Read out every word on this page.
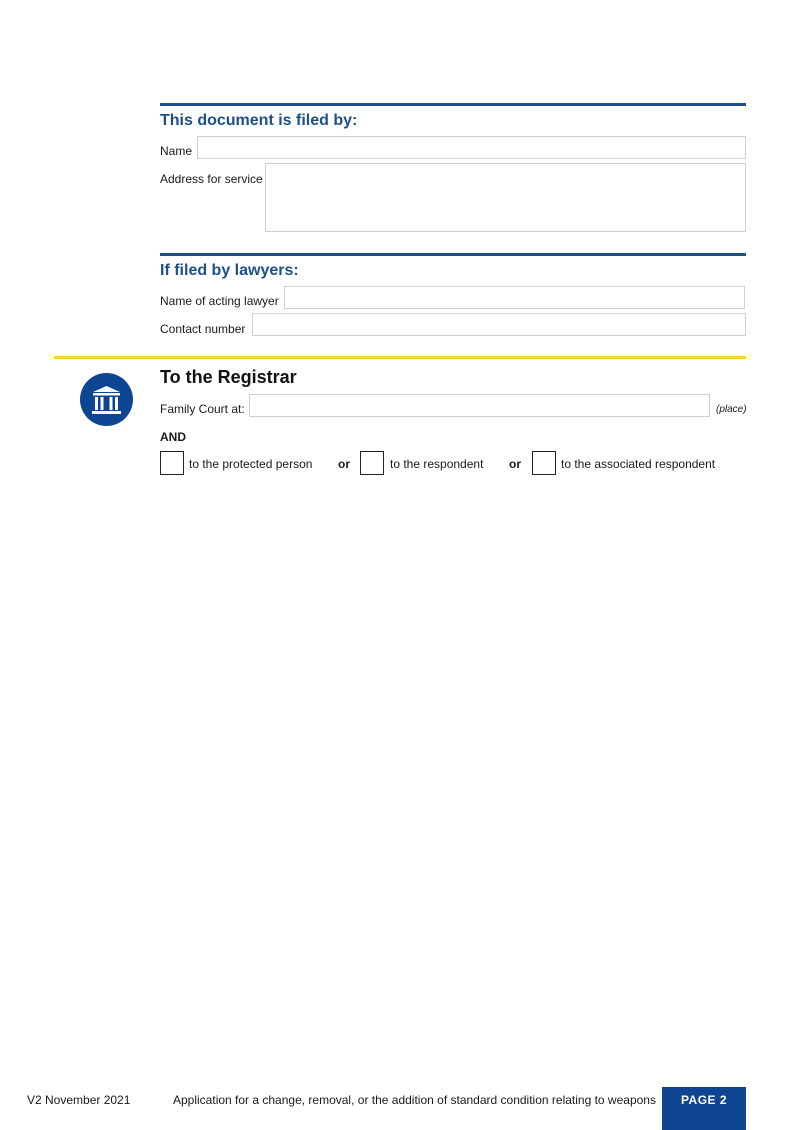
This document is filed by:
Name
Address for service
If filed by lawyers:
Name of acting lawyer
Contact number
To the Registrar
Family Court at:	(place)
AND
to the protected person or	to the respondent or	to the associated respondent
V2 November 2021	Application for a change, removal, or the addition of standard condition relating to weapons PAGE 2
